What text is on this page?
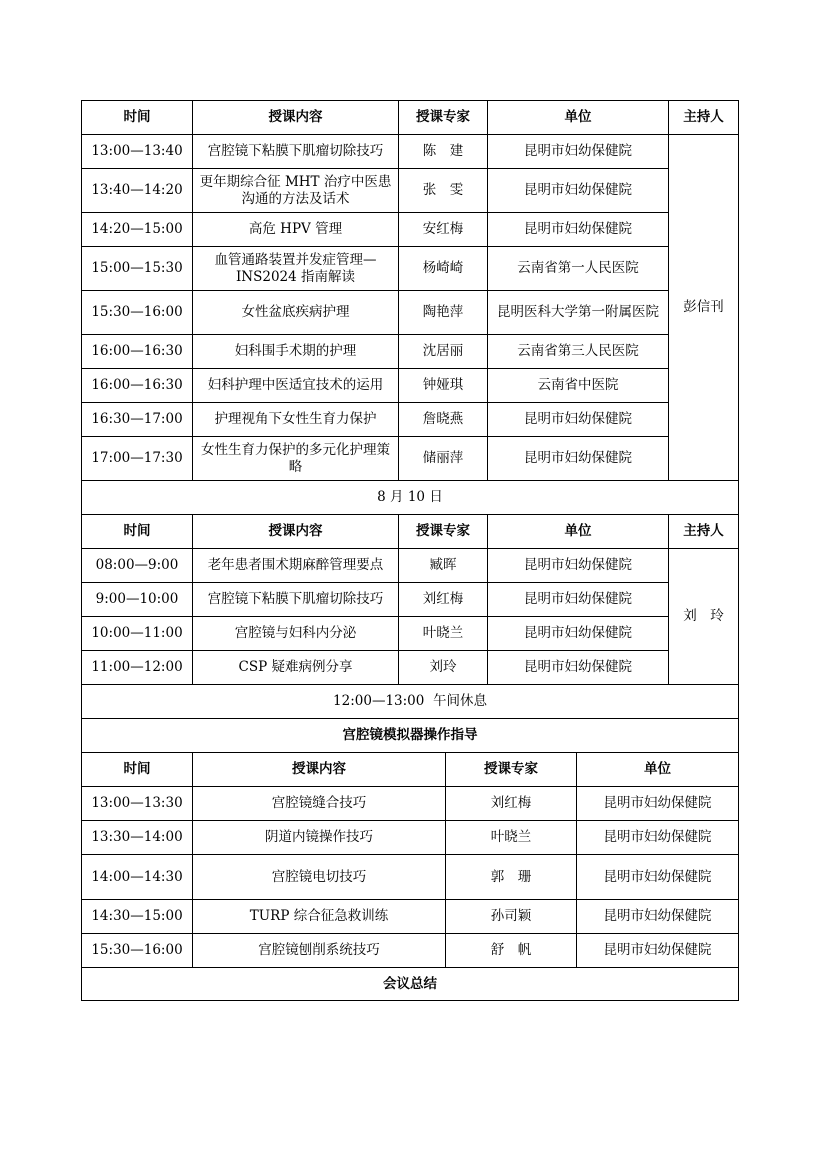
时间	授课内容	授课专家	单位	主持人
13:00—13:40	宫腔镜下粘膜下肌瘤切除技巧	陈　建	昆明市妇幼保健院	彭信刊
13:40—14:20	更年期综合征 MHT 治疗中医患沟通的方法及话术	张　雯	昆明市妇幼保健院	
14:20—15:00	高危 HPV 管理	安红梅	昆明市妇幼保健院	
15:00—15:30	血管通路装置并发症管理—INS2024 指南解读	杨崎崎	云南省第一人民医院	
15:30—16:00	女性盆底疾病护理	陶艳萍	昆明医科大学第一附属医院	
16:00—16:30	妇科围手术期的护理	沈居丽	云南省第三人民医院	
16:00—16:30	妇科护理中医适宜技术的运用	钟娅琪	云南省中医院	
16:30—17:00	护理视角下女性生育力保护	詹晓燕	昆明市妇幼保健院	
17:00—17:30	女性生育力保护的多元化护理策略	储丽萍	昆明市妇幼保健院	
8 月 10 日				
时间	授课内容	授课专家	单位	主持人
08:00—9:00	老年患者围术期麻醉管理要点	臧晖	昆明市妇幼保健院	刘　玲
9:00—10:00	宫腔镜下粘膜下肌瘤切除技巧	刘红梅	昆明市妇幼保健院	
10:00—11:00	宫腔镜与妇科内分泌	叶晓兰	昆明市妇幼保健院	
11:00—12:00	CSP 疑难病例分享	刘玲	昆明市妇幼保健院	
12:00—13:00  午间休息				
宫腔镜模拟器操作指导				
时间	授课内容	授课专家	单位
13:00—13:30	宫腔镜缝合技巧	刘红梅	昆明市妇幼保健院
13:30—14:00	阴道内镜操作技巧	叶晓兰	昆明市妇幼保健院
14:00—14:30	宫腔镜电切技巧	郭　珊	昆明市妇幼保健院
14:30—15:00	TURP 综合征急救训练	孙司颖	昆明市妇幼保健院
15:30—16:00	宫腔镜刨削系统技巧	舒　帆	昆明市妇幼保健院
会议总结			
